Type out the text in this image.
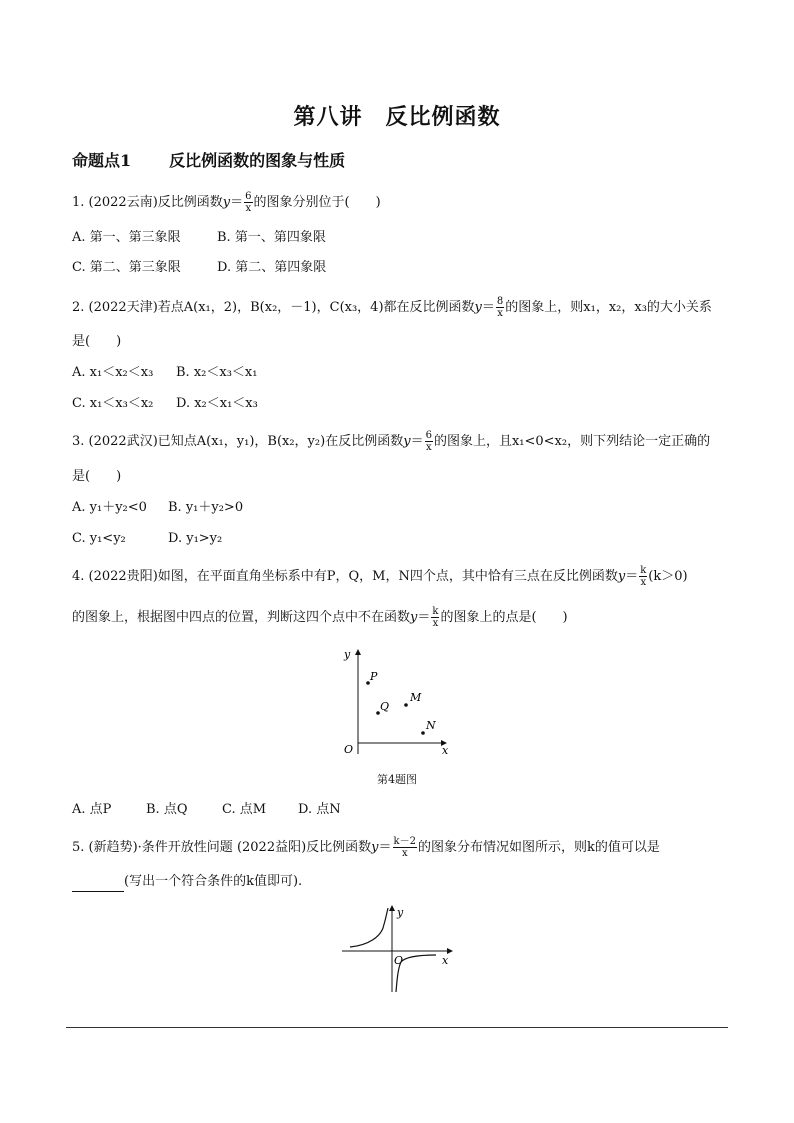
第八讲　反比例函数
命题点1 反比例函数的图象与性质
1. (2022云南)反比例函数$y= \frac{6}{x}$ 的图象分别位于(　　)
A. 第一、第三象限	B. 第一、第四象限
C. 第二、第三象限	D. 第二、第四象限
2. (2022天津)若点A(x₁，2)，B(x₂，－1)，C(x₃，4)都在反比例函数$y= \frac{8}{x}$ 的图象上，则x₁，x₂，x₃的大小关系
是(　　)
A. x₁＜x₂＜x₃ B. x₂＜x₃＜x₁
C. x₁＜x₃＜x₂ D. x₂＜x₁＜x₃
3. (2022武汉)已知点A(x₁，y₁)，B(x₂，y₂)在反比例函数$y= \frac{6}{x}$ 的图象上，且x₁<0<x₂，则下列结论一定正确的
是(　　)
A. y₁＋y₂<0 B. y₁＋y₂>0
C. y₁<y₂	D. y₁>y₂
4. (2022贵阳)如图，在平面直角坐标系中有P，Q，M，N四个点，其中恰有三点在反比例函数$y= \frac{k}{x} (k>0)$
的图象上，根据图中四点的位置，判断这四个点中不在函数$y= \frac{k}{x}$ 的图象上的点是(　　)
x
y
O
P
Q
M
N
第4题图
A. 点P	B. 点Q	C. 点M D. 点N
5. (新趋势)·条件开放性问题 (2022益阳)反比例函数$y= \frac{k-2}{x}$ 的图象分布情况如图所示，则k的值可以是
(写出一个符合条件的k值即可).
x
y
O
